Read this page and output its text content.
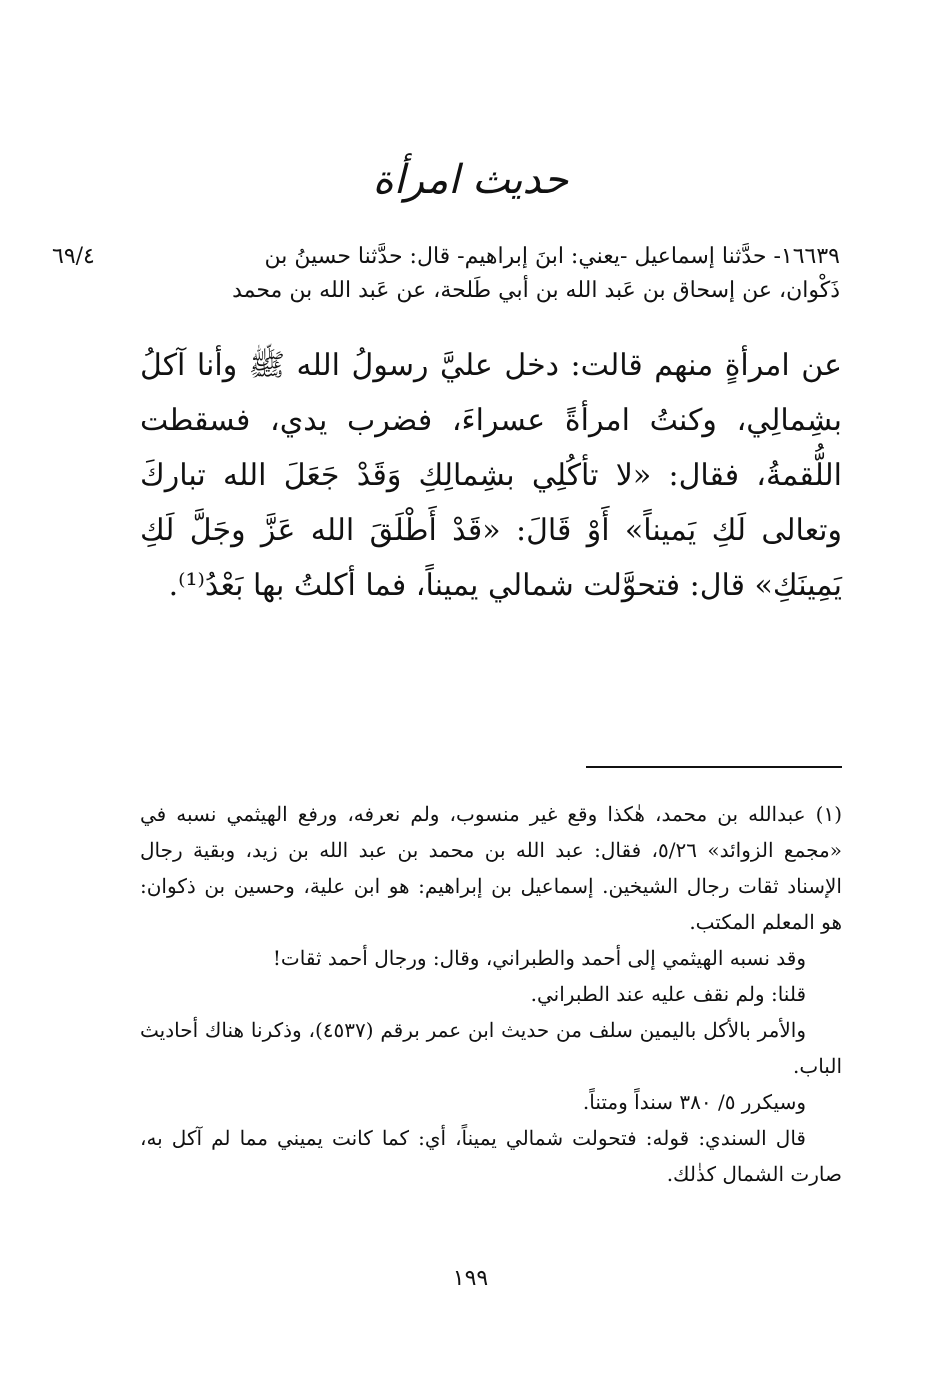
حديث امرأة
٦٩/٤	١٦٦٣٩- حدَّثنا إسماعيل -يعني: ابنَ إبراهيم- قال: حدَّثنا حسينُ بن

ذَكْوان، عن إسحاق بن عَبد الله بن أبي طَلحة، عن عَبد الله بن محمد

عن امرأةٍ منهم قالت: دخل عليَّ رسولُ الله ﷺ وأنا آكلُ بشِمالِي، وكنتُ امرأةً عسراءَ، فضرب يدي، فسقطت اللُّقمةُ، فقال: «لا تأكُلِي بشِمالِكِ وَقَدْ جَعَلَ الله تباركَ وتعالى لَكِ يَميناً» أَوْ قَالَ: «قَدْ أَطْلَقَ الله عَزَّ وجَلَّ لَكِ يَمِينَكِ» قال: فتحوَّلت شمالي يميناً، فما أكلتُ بها بَعْدُ⁽¹⁾.

(١) عبدالله بن محمد، هٰكذا وقع غير منسوب، ولم نعرفه، ورفع الهيثمي نسبه في «مجمع الزوائد» ٥/٢٦، فقال: عبد الله بن محمد بن عبد الله بن زيد، وبقية رجال الإسناد ثقات رجال الشيخين. إسماعيل بن إبراهيم: هو ابن علية، وحسين بن ذكوان: هو المعلم المكتب.

وقد نسبه الهيثمي إلى أحمد والطبراني، وقال: ورجال أحمد ثقات!

قلنا: ولم نقف عليه عند الطبراني.

والأمر بالأكل باليمين سلف من حديث ابن عمر برقم (٤٥٣٧)، وذكرنا هناك أحاديث الباب.

وسيكرر ٥/ ٣٨٠ سنداً ومتناً.

قال السندي: قوله: فتحولت شمالي يميناً، أي: كما كانت يميني مما لم آكل به، صارت الشمال كذٰلك.

١٩٩
